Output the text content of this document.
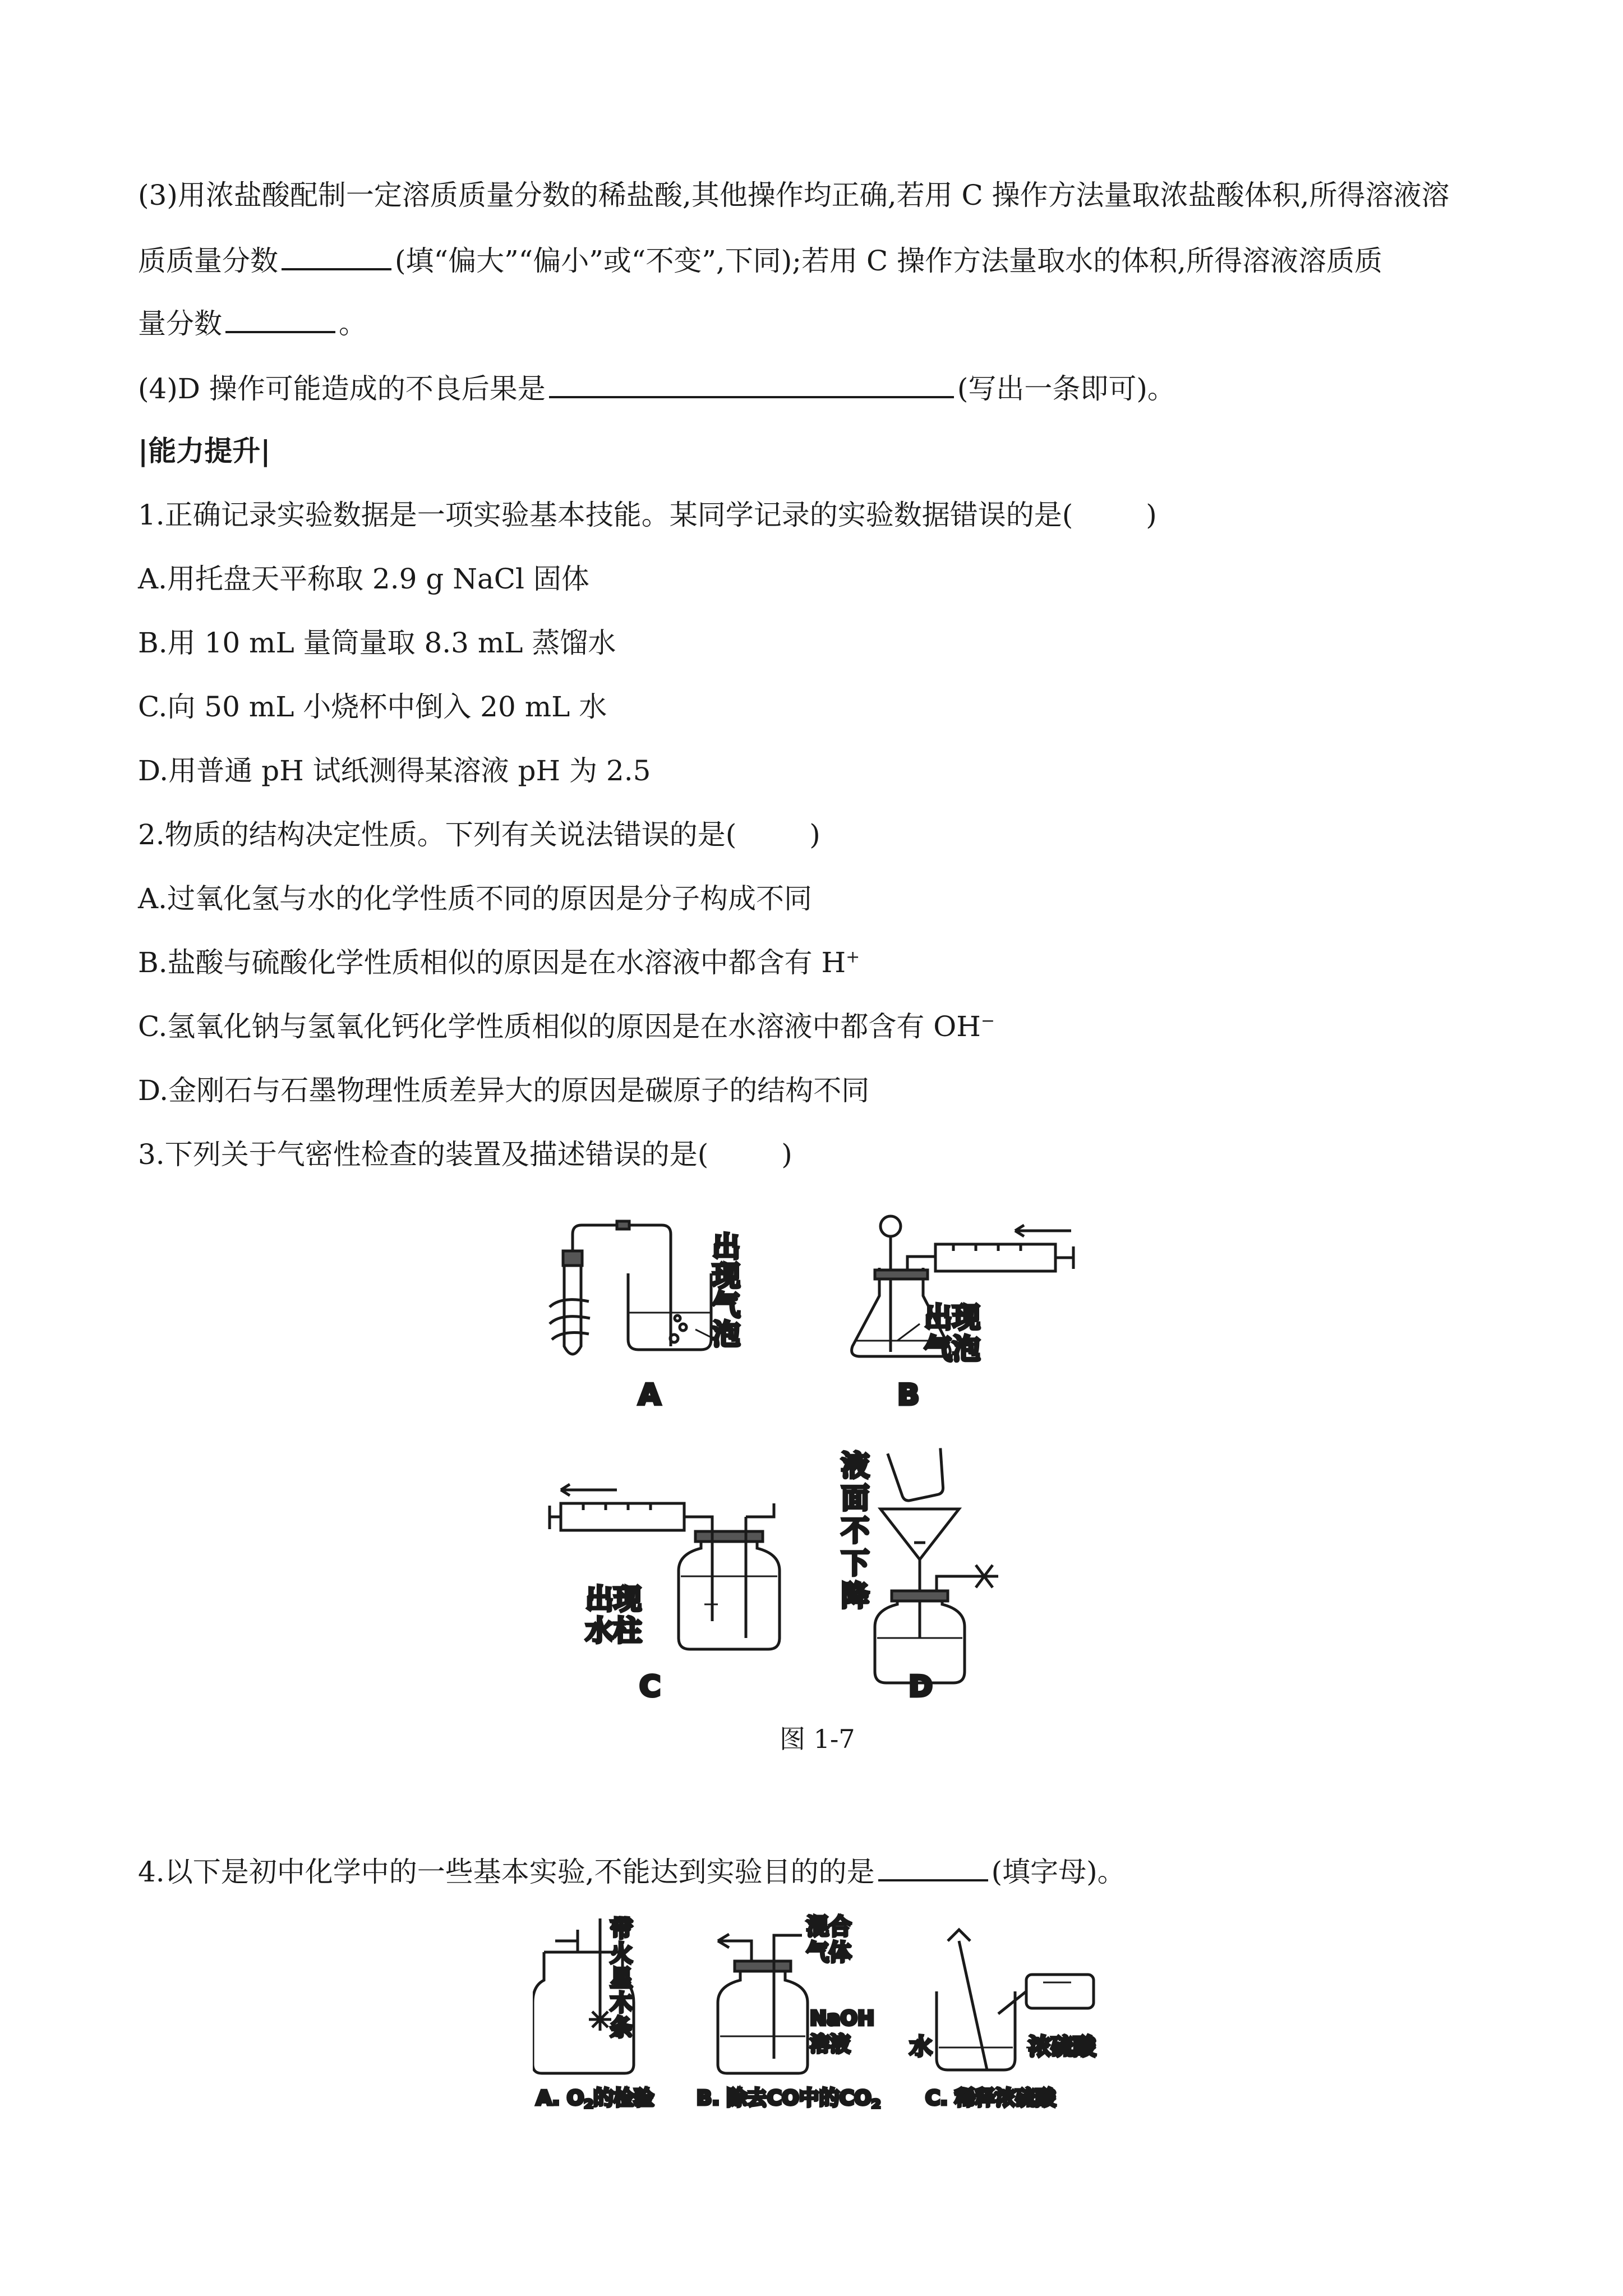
(3)用浓盐酸配制一定溶质质量分数的稀盐酸,其他操作均正确,若用 C 操作方法量取浓盐酸体积,所得溶液溶
质质量分数	(填“偏大”“偏小”或“不变”,下同);若用 C 操作方法量取水的体积,所得溶液溶质质
量分数	。
(4)D 操作可能造成的不良后果是	(写出一条即可)。
|能力提升|
1.正确记录实验数据是一项实验基本技能。某同学记录的实验数据错误的是(	)
A.用托盘天平称取 2.9 g NaCl 固体
B.用 10 mL 量筒量取 8.3 mL 蒸馏水
C.向 50 mL 小烧杯中倒入 20 mL 水
D.用普通 pH 试纸测得某溶液 pH 为 2.5
2.物质的结构决定性质。下列有关说法错误的是(	)
A.过氧化氢与水的化学性质不同的原因是分子构成不同
B.盐酸与硫酸化学性质相似的原因是在水溶液中都含有 H+
C.氢氧化钠与氢氧化钙化学性质相似的原因是在水溶液中都含有 OH−
D.金刚石与石墨物理性质差异大的原因是碳原子的结构不同
3.下列关于气密性检查的装置及描述错误的是(	)
出
现
气
泡
A
出现
气泡
B
出现
水柱
C
液
面
不
下
降
D
图 1-7
4.以下是初中化学中的一些基本实验,不能达到实验目的的是	(填字母)。
带
火
星
木
条
A. $O_2$的检验
混合
气体
NaOH
溶液
B. 除去CO中的$CO_2$
水	浓硫酸
C. 稀释浓硫酸
